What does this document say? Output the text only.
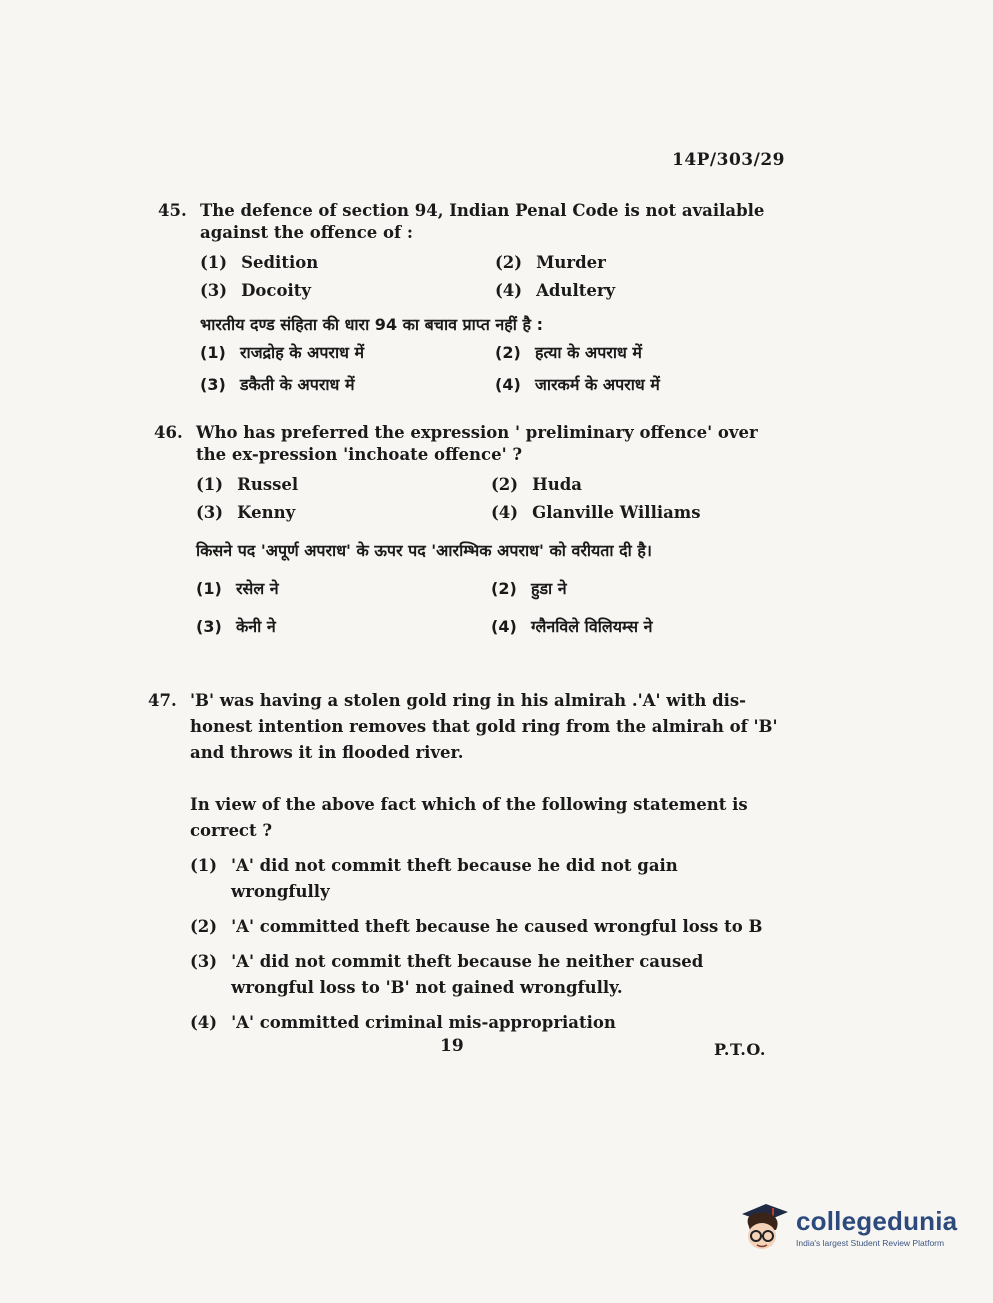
14P/303/29
45. The defence of section 94, Indian Penal Code is not available against the offence of :
(1) Sedition	(2) Murder
(3) Docoity	(4) Adultery
भारतीय दण्ड संहिता की धारा 94 का बचाव प्राप्त नहीं है :
(1) राजद्रोह के अपराध में	(2) हत्या के अपराध में
(3) डकैती के अपराध में	(4) जारकर्म के अपराध में
46. Who has preferred the expression ' preliminary offence' over the ex-pression 'inchoate offence' ?
(1) Russel	(2) Huda
(3) Kenny	(4) Glanville Williams
किसने पद 'अपूर्ण अपराध' के ऊपर पद 'आरम्भिक अपराध' को वरीयता दी है।
(1) रसेल ने	(2) हुडा ने
(3) केनी ने	(4) ग्लैनविले विलियम्स ने
47. 'B' was having a stolen gold ring in his almirah .'A' with dis-honest intention removes that gold ring from the almirah of 'B' and throws it in flooded river.
In view of the above fact which of the following statement is correct ?
(1) 'A' did not commit theft because he did not gain wrongfully
(2) 'A' committed theft because he caused wrongful loss to B
(3) 'A' did not commit theft because he neither caused wrongful loss to 'B' not gained wrongfully.
(4) 'A' committed criminal mis-appropriation
19	P.T.O.
collegedunia
India's largest Student Review Platform
